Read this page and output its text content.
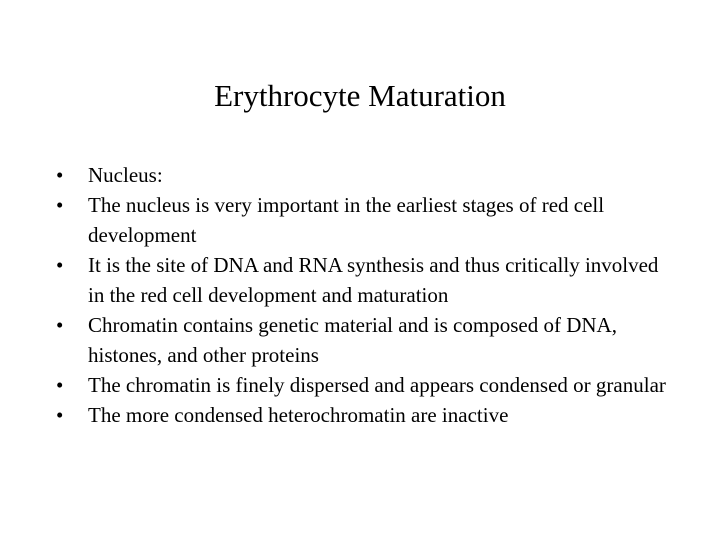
Erythrocyte Maturation
•	Nucleus:
•	The nucleus is very important in the earliest stages of red cell development
•	It is the site of DNA and RNA synthesis and thus critically involved in the red cell development and maturation
•	Chromatin contains genetic material and is composed of DNA, histones, and other proteins
•	The chromatin is finely dispersed and appears condensed or granular
•	The more condensed heterochromatin are inactive
